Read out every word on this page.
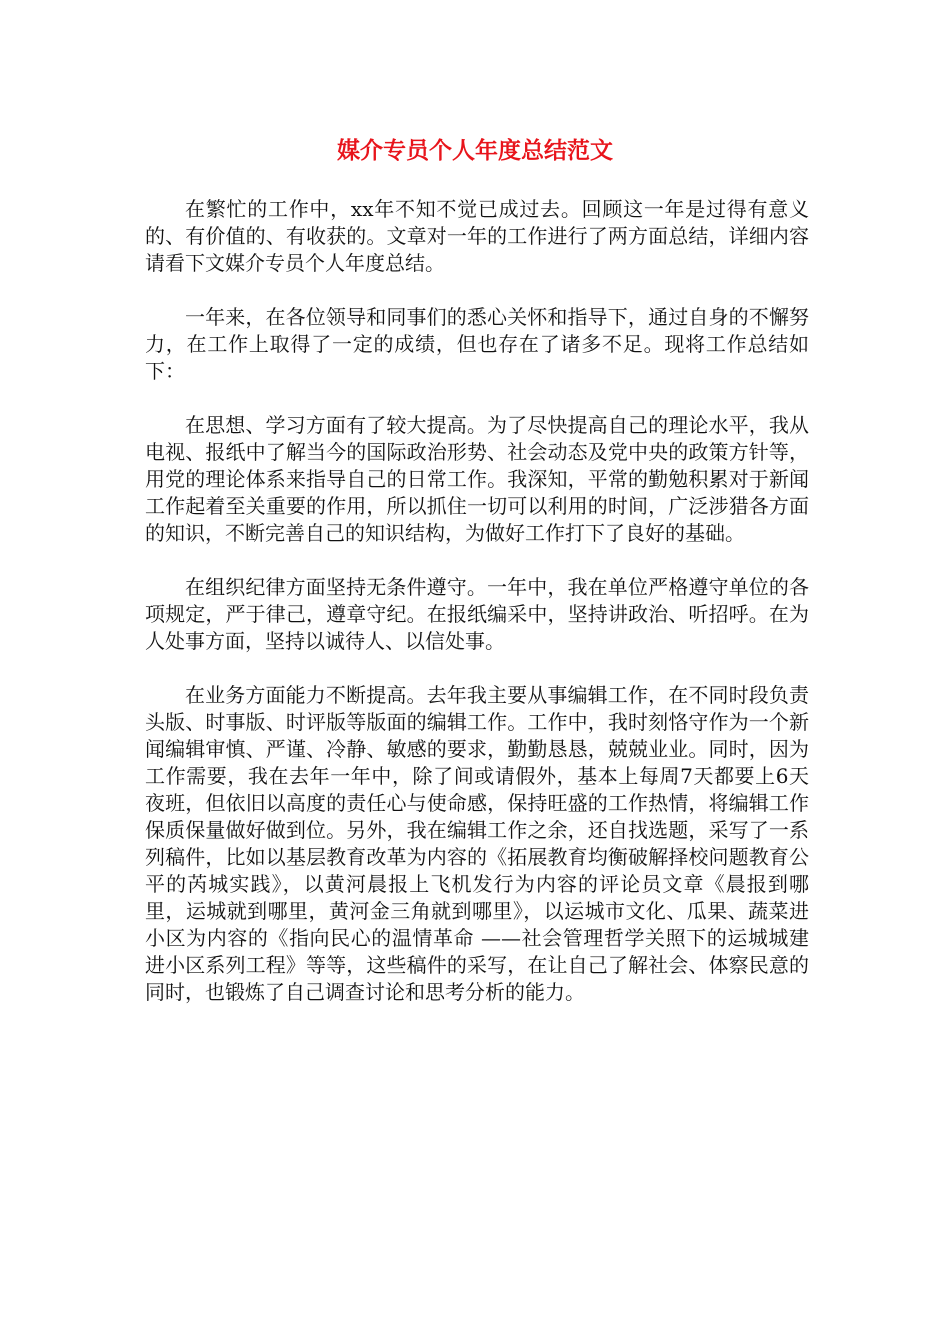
媒介专员个人年度总结范文

在繁忙的工作中，xx年不知不觉已成过去。回顾这一年是过得有意义的、有价值的、有收获的。文章对一年的工作进行了两方面总结，详细内容请看下文媒介专员个人年度总结。

一年来，在各位领导和同事们的悉心关怀和指导下，通过自身的不懈努力，在工作上取得了一定的成绩，但也存在了诸多不足。现将工作总结如下：

在思想、学习方面有了较大提高。为了尽快提高自己的理论水平，我从电视、报纸中了解当今的国际政治形势、社会动态及党中央的政策方针等，用党的理论体系来指导自己的日常工作。我深知，平常的勤勉积累对于新闻工作起着至关重要的作用，所以抓住一切可以利用的时间，广泛涉猎各方面的知识，不断完善自己的知识结构，为做好工作打下了良好的基础。

在组织纪律方面坚持无条件遵守。一年中，我在单位严格遵守单位的各项规定，严于律己，遵章守纪。在报纸编采中，坚持讲政治、听招呼。在为人处事方面，坚持以诚待人、以信处事。

在业务方面能力不断提高。去年我主要从事编辑工作，在不同时段负责头版、时事版、时评版等版面的编辑工作。工作中，我时刻恪守作为一个新闻编辑审慎、严谨、冷静、敏感的要求，勤勤恳恳，兢兢业业。同时，因为工作需要，我在去年一年中，除了间或请假外，基本上每周7天都要上6天夜班，但依旧以高度的责任心与使命感，保持旺盛的工作热情，将编辑工作保质保量做好做到位。另外，我在编辑工作之余，还自找选题，采写了一系列稿件，比如以基层教育改革为内容的《拓展教育均衡破解择校问题教育公平的芮城实践》，以黄河晨报上飞机发行为内容的评论员文章《晨报到哪里，运城就到哪里，黄河金三角就到哪里》，以运城市文化、瓜果、蔬菜进小区为内容的《指向民心的温情革命 ——社会管理哲学关照下的运城城建进小区系列工程》等等，这些稿件的采写，在让自己了解社会、体察民意的同时，也锻炼了自己调查讨论和思考分析的能力。
